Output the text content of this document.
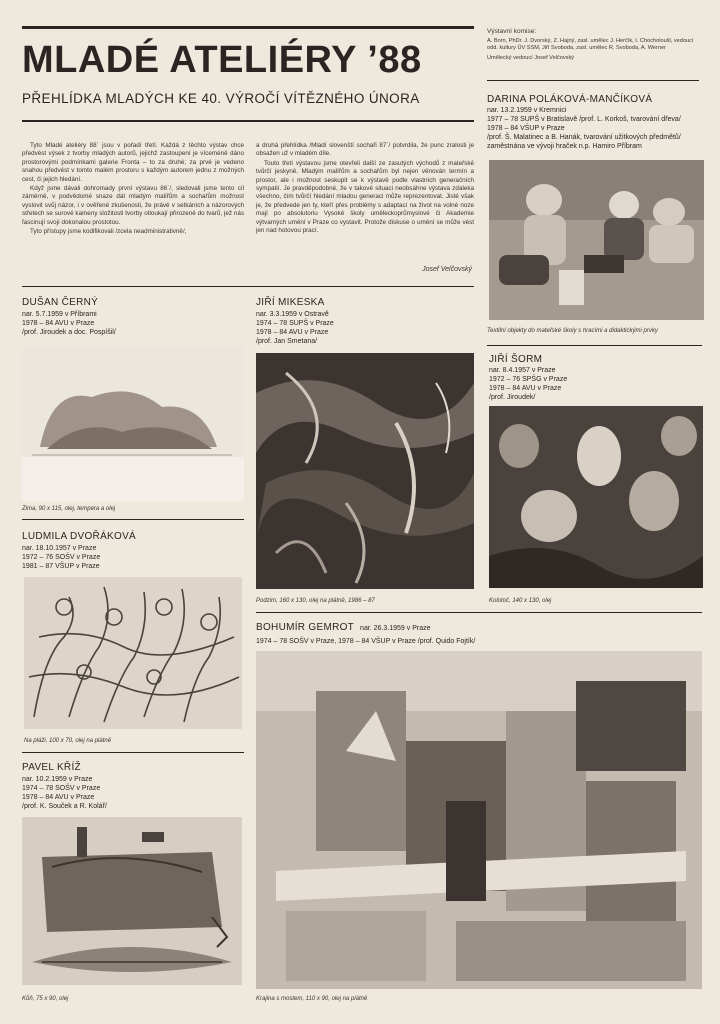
MLADÉ ATELIÉRY ’88
PŘEHLÍDKA MLADÝCH KE 40. VÝROČÍ VÍTĚZNÉHO ÚNORA
Výstavní komise:
A. Born, PhDr. J. Dvorský, Z. Hajný, zasl. umělec J. Herčík, I. Chocholoušl, vedoucí odd. kultury ÚV SSM, Jiří Svoboda, zasl. umělec R. Svoboda, A. Werner
Umělecký vedoucí Josef Velčovský

Tyto Mladé ateliéry 88´ jsou v pořadí třetí. Každá z těchto výstav chce předvést výsek z tvorby mladých autorů, jejichž zastoupení je víceméně dáno prostorovými podmínkami galerie Fronta – to za druhé; za prvé je vedeno snahou předvést v tomto malém prostoru s každým autorem jednu z možných cest, či jejich hledání.

Když jsme dávali dohromady první výstavu 86´/, sledovali jsme tento cíl záměrně, v podvědomé snaze dát mladým malířům a sochařům možnost vyslovit svůj názor, i v ověřené zkušenosti, že právě v setkáních a názorových střetech se surové kameny složitosti tvorby otloukají přirozeně do tvarů, jež nás fascinují svojí dokonalou prostotou.

Tyto přístupy jsme kodifikovali /zcela neadministrativně/,

a druhá přehlídka /Mladí slovenští sochaři 87´/ potvrdila, že punc zralosti je obsažen už v mladém díle.

Touto třetí výstavou jsme otevřeli další ze zasutých východů z mateřské tvůrčí jeskyně. Mladým malířům a sochařům byl nejen věnován termín a prostor, ale i možnost seskupit se k výstavě podle vlastních generačních sympatií. Je pravděpodobné, že v takové situaci neobsáhne výstava zdaleka všechno, čím tvůrčí hledání mladou generaci může reprezentovat. Jisté však je, že předvede jen ty, kteří přes problémy s adaptací na život na volné noze mají po absolutoriu Vysoké školy uměleckoprůmyslové či Akademie výtvarných umění v Praze co vystavit. Protože diskuse o umění se může vést jen nad hotovou prací.

Josef Velčovský
DARINA POLÁKOVÁ-MANČÍKOVÁ
nar. 13.2.1959 v Kremnici
1977 – 78 SUPŠ v Bratislavě /prof. L. Korkoš, tvarování dřeva/
1978 – 84 VŠUP v Praze
/prof. Š. Malatinec a B. Hanák, tvarování užitkových předmětů/
zaměstnána ve vývoji hraček n.p. Hamiro Příbram
Textilní objekty do mateřské školy s hracími a didaktickými prvky
DUŠAN ČERNÝ
nar. 5.7.1959 v Příbrami
1978 – 84 AVU v Praze
/prof. Jiroudek a doc. Pospíšil/
Zima, 90 x 115, olej, tempera a olej
JIŘÍ MIKESKA
nar. 3.3.1959 v Ostravě
1974 – 78 SUPŠ v Praze
1978 – 84 AVU v Praze
/prof. Jan Smetana/
Podzim, 160 x 130, olej na plátně, 1986 – 87
JIŘÍ ŠORM
nar. 8.4.1957 v Praze
1972 – 76 SPŠG v Praze
1978 – 84 AVU v Praze
/prof. Jiroudek/
Kolotoč, 140 x 130, olej
LUDMILA DVOŘÁKOVÁ
nar. 18.10.1957 v Praze
1972 – 76 SOŠV v Praze
1981 – 87 VŠUP v Praze
Na pláži, 100 x 70, olej na plátně
BOHUMÍR GEMROT nar. 26.3.1959 v Praze
1974 – 78 SOŠV v Praze, 1978 – 84 VŠUP v Praze /prof. Quido Fojtík/
Krajina s mostem, 110 x 90, olej na plátně
PAVEL KŘÍŽ
nar. 10.2.1959 v Praze
1974 – 78 SOŠV v Praze
1978 – 84 AVU v Praze
/prof. K. Souček a R. Kolář/
Kůň, 75 x 90, olej
